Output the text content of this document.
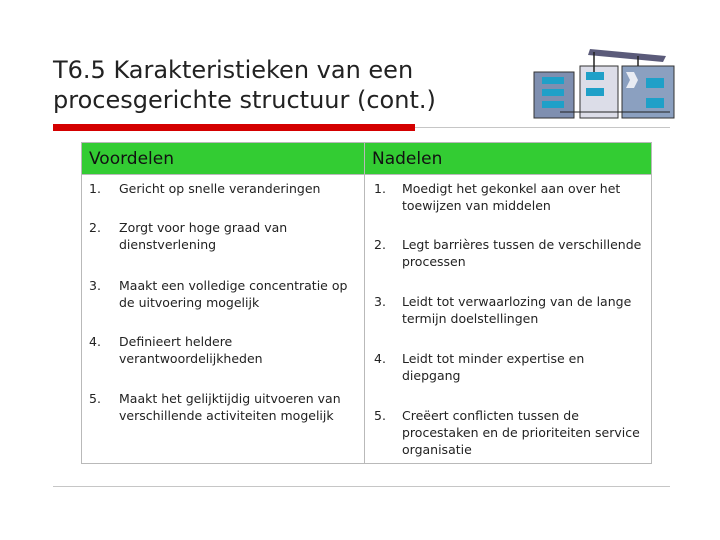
T6.5 Karakteristieken van een
procesgerichte structuur (cont.)
Voordelen	Nadelen
1. Gericht op snelle veranderingen
2. Zorgt voor hoge graad van dienstverlening
3. Maakt een volledige concentratie op de uitvoering mogelijk
4. Definieert heldere verantwoordelijkheden
5. Maakt het gelijktijdig uitvoeren van verschillende activiteiten mogelijk
1. Moedigt het gekonkel aan over het toewijzen van middelen
2. Legt barrières tussen de verschillende processen
3. Leidt tot verwaarlozing van de lange termijn doelstellingen
4. Leidt tot minder expertise en diepgang
5. Creëert conflicten tussen de procestaken en de prioriteiten service organisatie
